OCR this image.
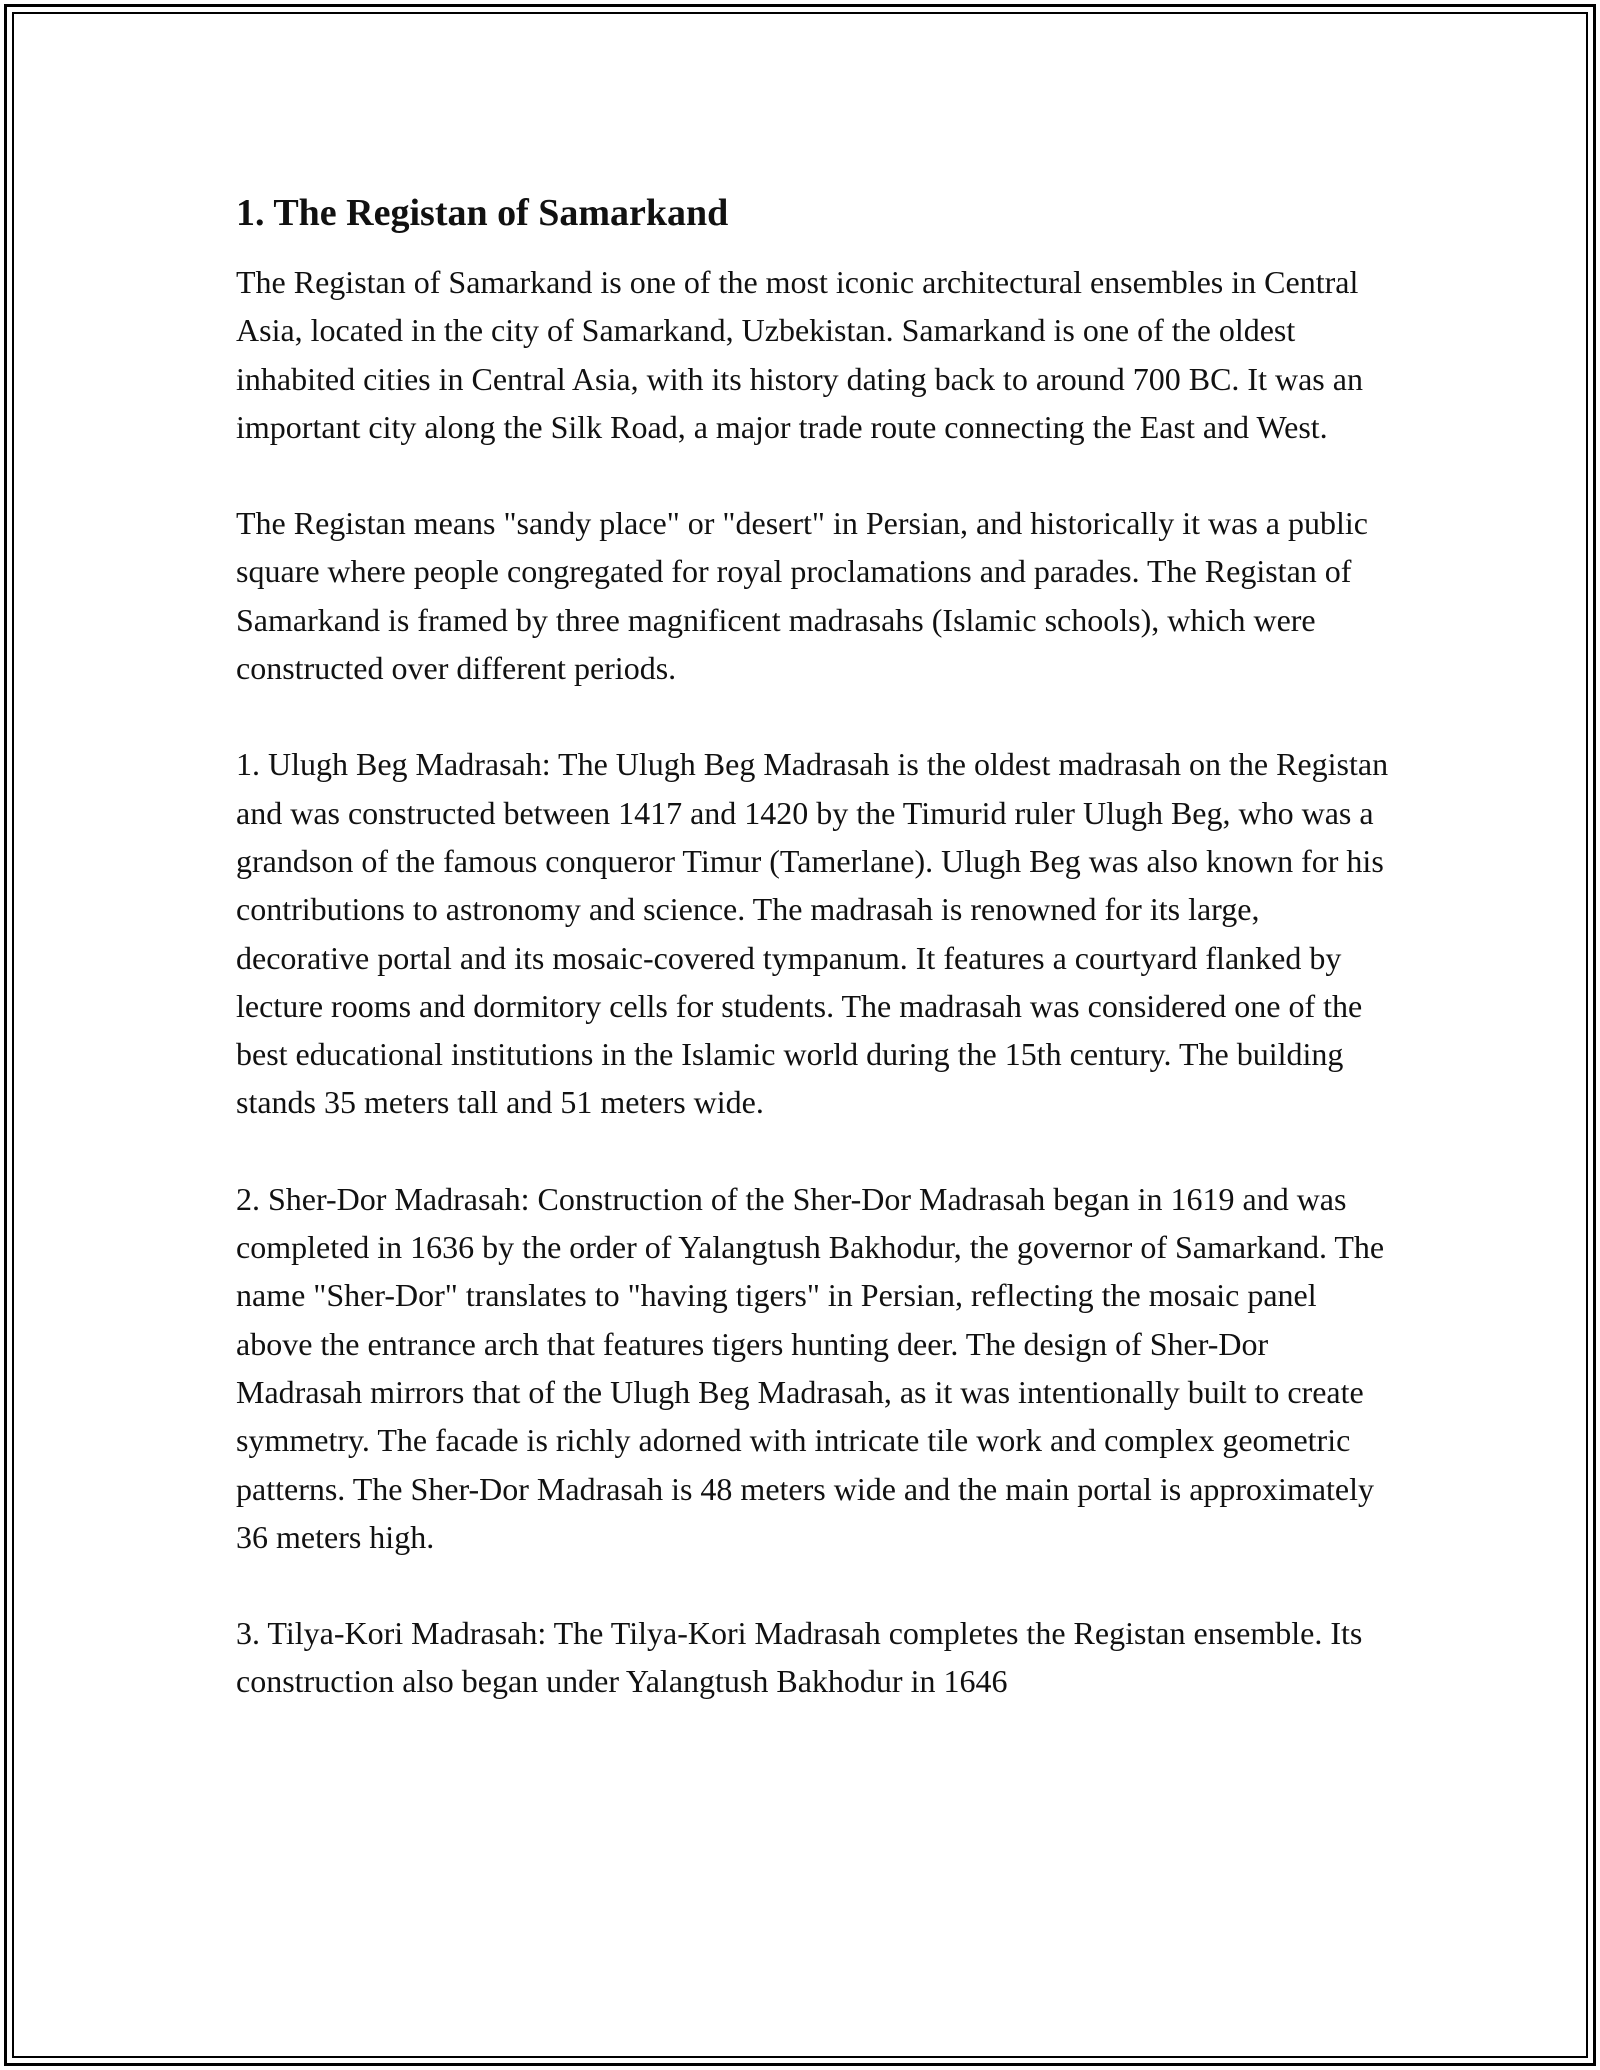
1. The Registan of Samarkand

The Registan of Samarkand is one of the most iconic architectural ensembles in Central Asia, located in the city of Samarkand, Uzbekistan. Samarkand is one of the oldest inhabited cities in Central Asia, with its history dating back to around 700 BC. It was an important city along the Silk Road, a major trade route connecting the East and West.

The Registan means "sandy place" or "desert" in Persian, and historically it was a public square where people congregated for royal proclamations and parades. The Registan of Samarkand is framed by three magnificent madrasahs (Islamic schools), which were constructed over different periods.

1. Ulugh Beg Madrasah: The Ulugh Beg Madrasah is the oldest madrasah on the Registan and was constructed between 1417 and 1420 by the Timurid ruler Ulugh Beg, who was a grandson of the famous conqueror Timur (Tamerlane). Ulugh Beg was also known for his contributions to astronomy and science. The madrasah is renowned for its large, decorative portal and its mosaic-covered tympanum. It features a courtyard flanked by lecture rooms and dormitory cells for students. The madrasah was considered one of the best educational institutions in the Islamic world during the 15th century. The building stands 35 meters tall and 51 meters wide.

2. Sher-Dor Madrasah: Construction of the Sher-Dor Madrasah began in 1619 and was completed in 1636 by the order of Yalangtush Bakhodur, the governor of Samarkand. The name "Sher-Dor" translates to "having tigers" in Persian, reflecting the mosaic panel above the entrance arch that features tigers hunting deer. The design of Sher-Dor Madrasah mirrors that of the Ulugh Beg Madrasah, as it was intentionally built to create symmetry. The facade is richly adorned with intricate tile work and complex geometric patterns. The Sher-Dor Madrasah is 48 meters wide and the main portal is approximately 36 meters high.

3. Tilya-Kori Madrasah: The Tilya-Kori Madrasah completes the Registan ensemble. Its construction also began under Yalangtush Bakhodur in 1646
